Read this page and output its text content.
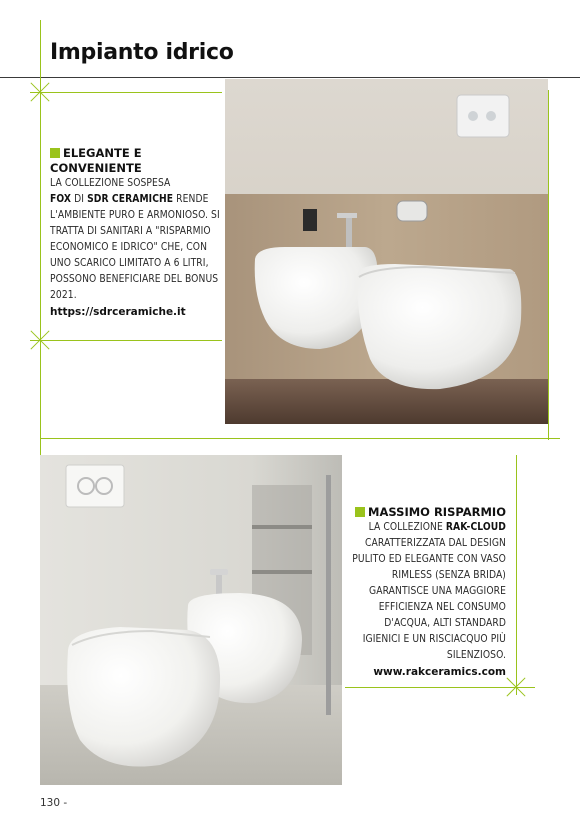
Impianto idrico
ELEGANTE E
CONVENIENTE
LA COLLEZIONE SOSPESA
FOX DI SDR CERAMICHE RENDE L'AMBIENTE PURO E ARMONIOSO. SI TRATTA DI SANITARI A "RISPARMIO ECONOMICO E IDRICO" CHE, CON UNO SCARICO LIMITATO A 6 LITRI, POSSONO BENEFICIARE DEL BONUS 2021.
https://sdrceramiche.it
MASSIMO RISPARMIO
LA COLLEZIONE RAK-CLOUD CARATTERIZZATA DAL DESIGN PULITO ED ELEGANTE CON VASO RIMLESS (SENZA BRIDA) GARANTISCE UNA MAGGIORE EFFICIENZA NEL CONSUMO D'ACQUA, ALTI STANDARD IGIENICI E UN RISCIACQUO PIÙ SILENZIOSO.
www.rakceramics.com
130 -
